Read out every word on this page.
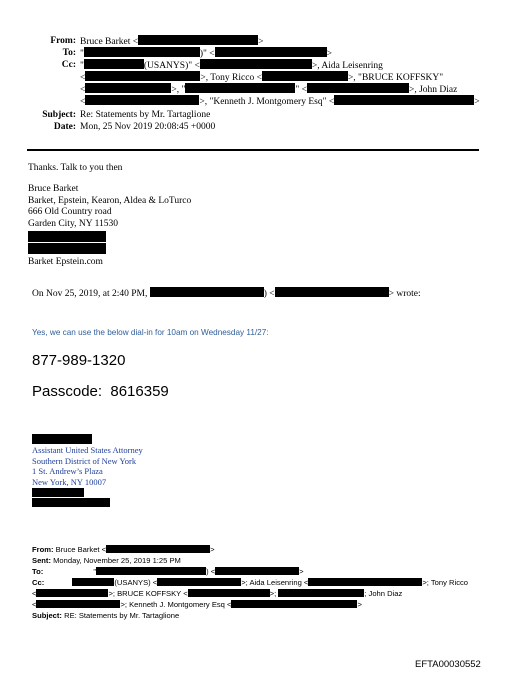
From: Bruce Barket <	>
To: "	)" <	>
Cc: "	(USANYS)" <	>, Aida Leisenring
<	>, Tony Ricco <	>, "BRUCE KOFFSKY"
<	>, "	" <	>, John Diaz
<	>, "Kenneth J. Montgomery Esq" <	>
Subject: Re: Statements by Mr. Tartaglione
Date: Mon, 25 Nov 2019 20:08:45 +0000
Thanks. Talk to you then
Bruce Barket
Barket, Epstein, Kearon, Aldea & LoTurco
666 Old Country road
Garden City, NY 11530
Barket Epstein.com
On Nov 25, 2019, at 2:40 PM,	) <	> wrote:
Yes, we can use the below dial-in for 10am on Wednesday 11/27:
877-989-1320
Passcode:  8616359
Assistant United States Attorney
Southern District of New York
1 St. Andrew’s Plaza
New York, NY 10007
From: Bruce Barket <	>
Sent: Monday, November 25, 2019 1:25 PM
To:	"	) <	>
Cc:	(USANYS) <	>; Aida Leisenring <	>; Tony Ricco
<	>; BRUCE KOFFSKY <	>;	; John Diaz
<	>; Kenneth J. Montgomery Esq <	>
Subject: RE: Statements by Mr. Tartaglione
EFTA00030552
